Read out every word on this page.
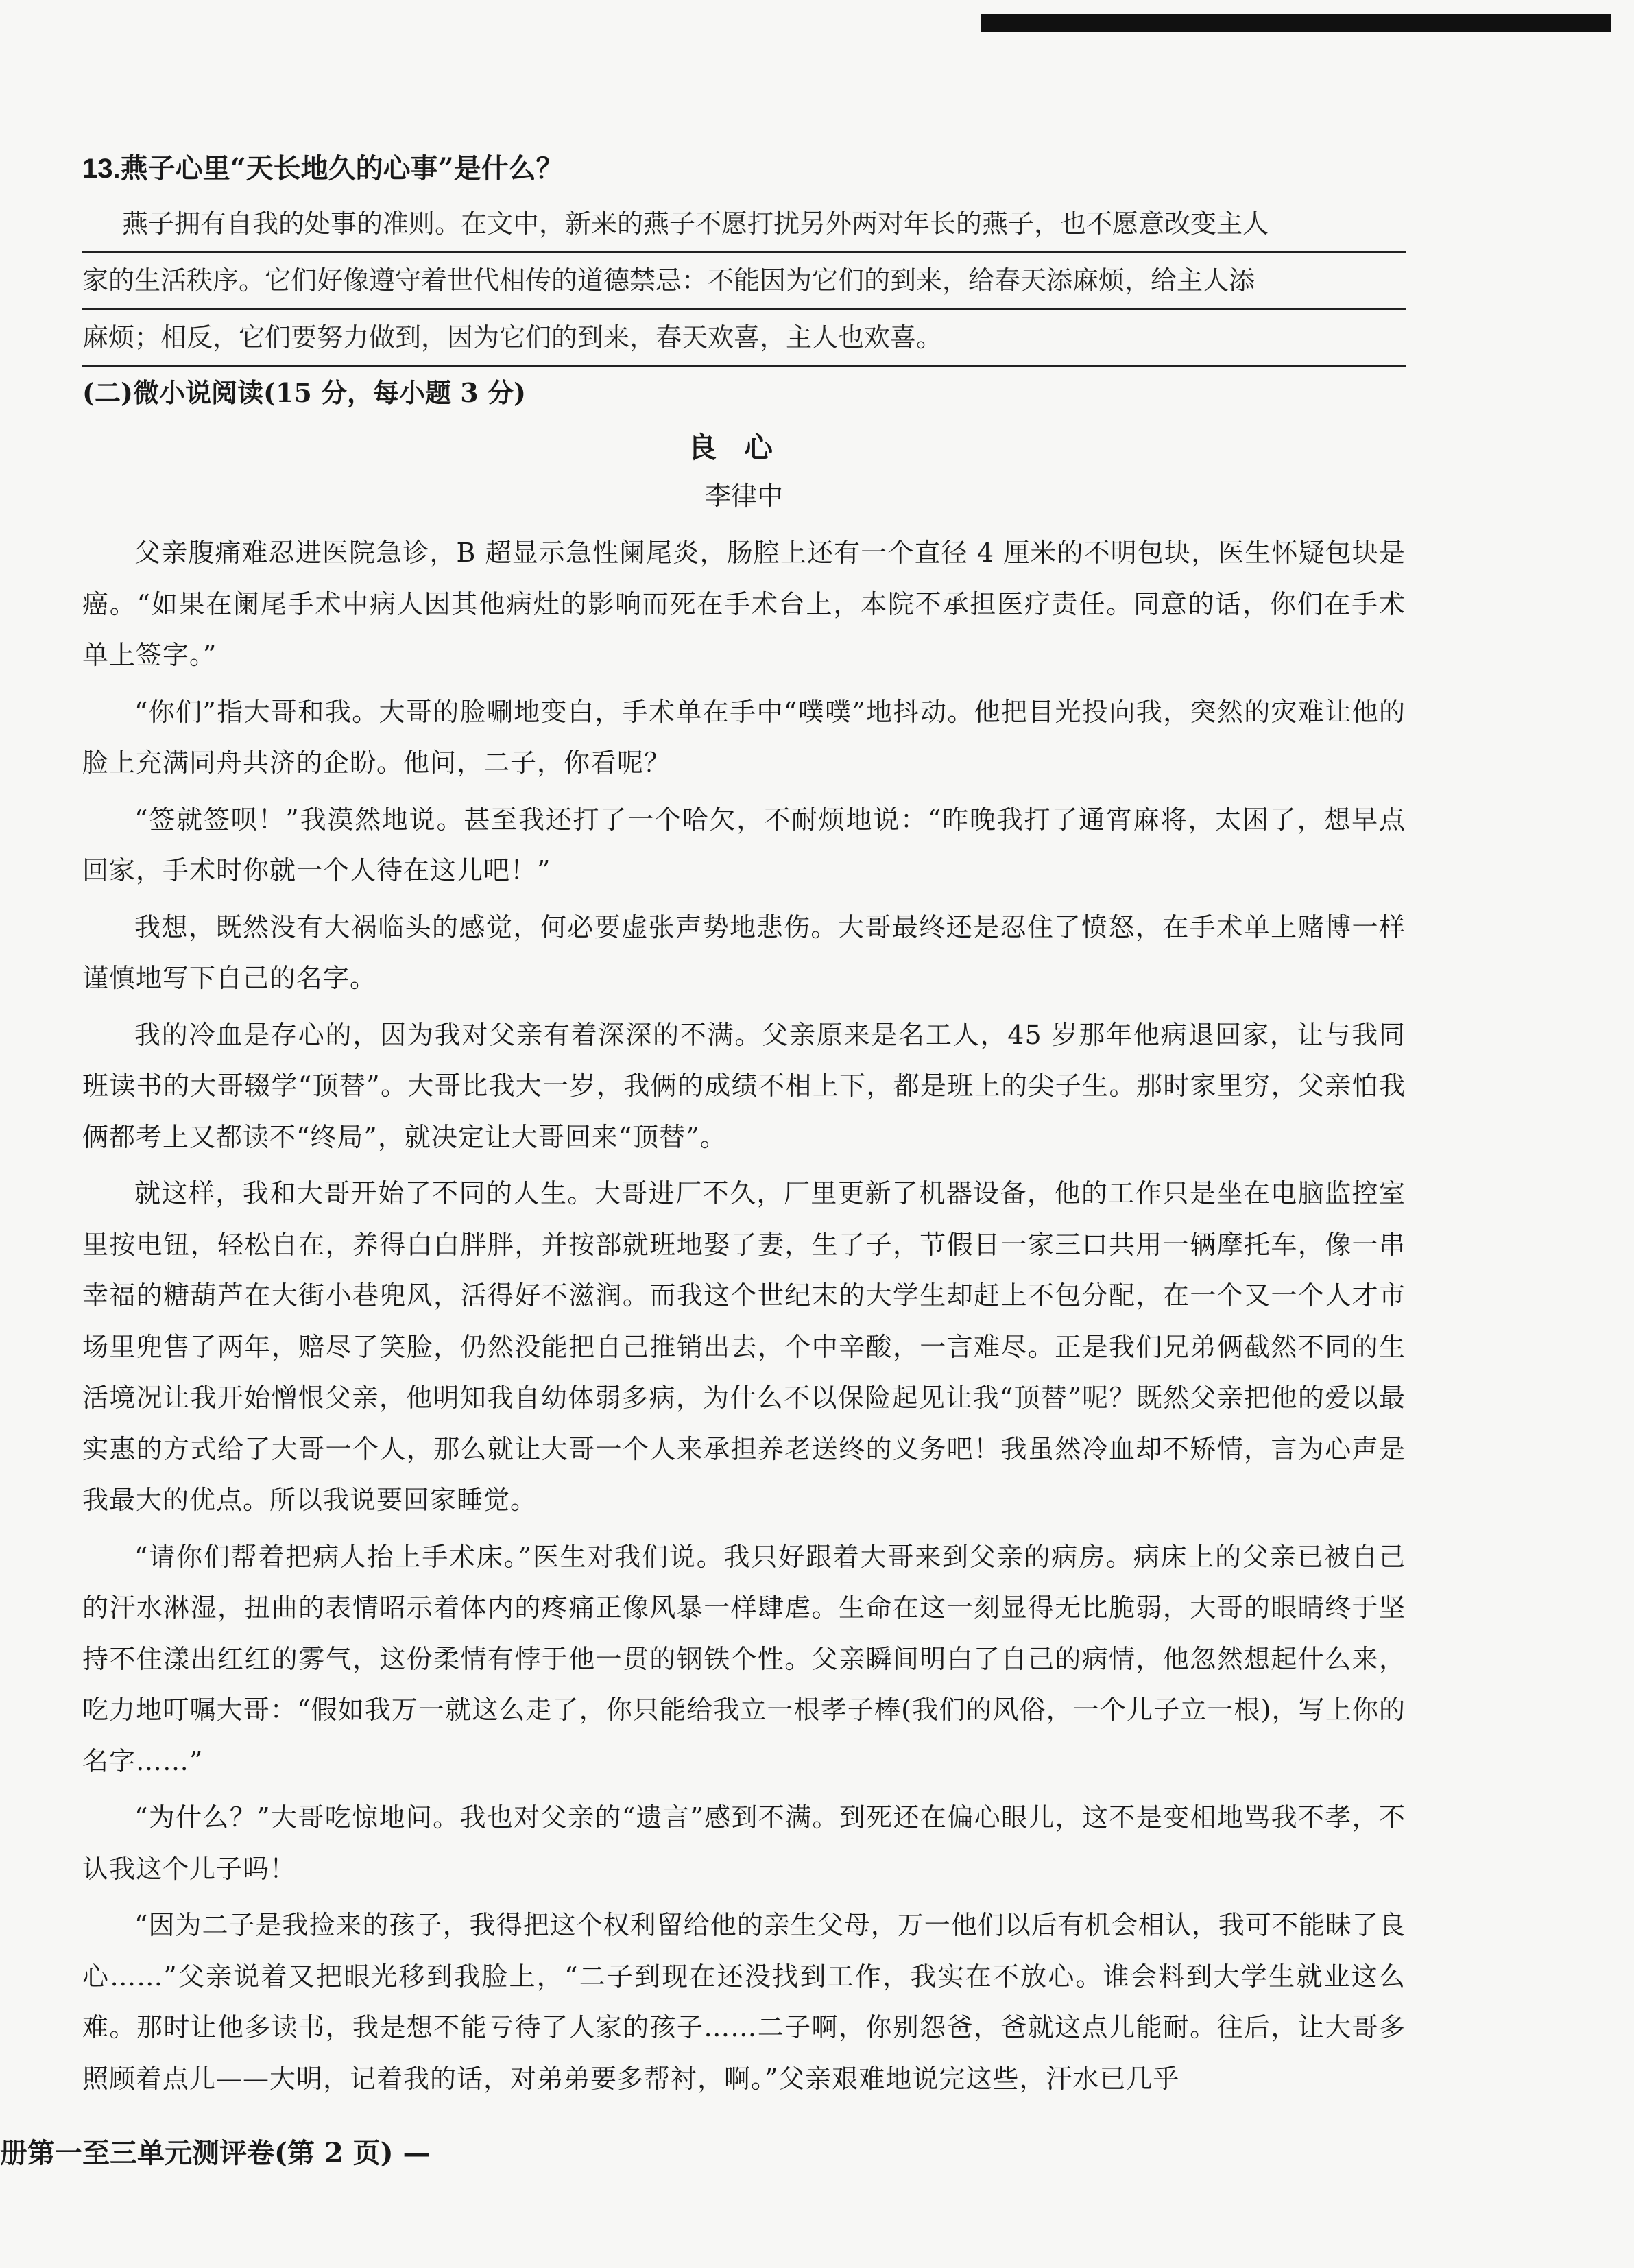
13.燕子心里“天长地久的心事”是什么？
燕子拥有自我的处事的准则。在文中，新来的燕子不愿打扰另外两对年长的燕子，也不愿意改变主人
家的生活秩序。它们好像遵守着世代相传的道德禁忌：不能因为它们的到来，给春天添麻烦，给主人添
麻烦；相反，它们要努力做到，因为它们的到来，春天欢喜，主人也欢喜。
(二)微小说阅读(15 分，每小题 3 分)
良心
李律中

父亲腹痛难忍进医院急诊，B 超显示急性阑尾炎，肠腔上还有一个直径 4 厘米的不明包块，医生怀疑包块是癌。“如果在阑尾手术中病人因其他病灶的影响而死在手术台上，本院不承担医疗责任。同意的话，你们在手术单上签字。”

“你们”指大哥和我。大哥的脸唰地变白，手术单在手中“噗噗”地抖动。他把目光投向我，突然的灾难让他的脸上充满同舟共济的企盼。他问，二子，你看呢？

“签就签呗！”我漠然地说。甚至我还打了一个哈欠，不耐烦地说：“昨晚我打了通宵麻将，太困了，想早点回家，手术时你就一个人待在这儿吧！”

我想，既然没有大祸临头的感觉，何必要虚张声势地悲伤。大哥最终还是忍住了愤怒，在手术单上赌博一样谨慎地写下自己的名字。

我的冷血是存心的，因为我对父亲有着深深的不满。父亲原来是名工人，45 岁那年他病退回家，让与我同班读书的大哥辍学“顶替”。大哥比我大一岁，我俩的成绩不相上下，都是班上的尖子生。那时家里穷，父亲怕我俩都考上又都读不“终局”，就决定让大哥回来“顶替”。

就这样，我和大哥开始了不同的人生。大哥进厂不久，厂里更新了机器设备，他的工作只是坐在电脑监控室里按电钮，轻松自在，养得白白胖胖，并按部就班地娶了妻，生了子，节假日一家三口共用一辆摩托车，像一串幸福的糖葫芦在大街小巷兜风，活得好不滋润。而我这个世纪末的大学生却赶上不包分配，在一个又一个人才市场里兜售了两年，赔尽了笑脸，仍然没能把自己推销出去，个中辛酸，一言难尽。正是我们兄弟俩截然不同的生活境况让我开始憎恨父亲，他明知我自幼体弱多病，为什么不以保险起见让我“顶替”呢？既然父亲把他的爱以最实惠的方式给了大哥一个人，那么就让大哥一个人来承担养老送终的义务吧！我虽然冷血却不矫情，言为心声是我最大的优点。所以我说要回家睡觉。

“请你们帮着把病人抬上手术床。”医生对我们说。我只好跟着大哥来到父亲的病房。病床上的父亲已被自己的汗水淋湿，扭曲的表情昭示着体内的疼痛正像风暴一样肆虐。生命在这一刻显得无比脆弱，大哥的眼睛终于坚持不住漾出红红的雾气，这份柔情有悖于他一贯的钢铁个性。父亲瞬间明白了自己的病情，他忽然想起什么来，吃力地叮嘱大哥：“假如我万一就这么走了，你只能给我立一根孝子棒(我们的风俗，一个儿子立一根)，写上你的名字……”

“为什么？”大哥吃惊地问。我也对父亲的“遗言”感到不满。到死还在偏心眼儿，这不是变相地骂我不孝，不认我这个儿子吗！

“因为二子是我捡来的孩子，我得把这个权利留给他的亲生父母，万一他们以后有机会相认，我可不能昧了良心……”父亲说着又把眼光移到我脸上，“二子到现在还没找到工作，我实在不放心。谁会料到大学生就业这么难。那时让他多读书，我是想不能亏待了人家的孩子……二子啊，你别怨爸，爸就这点儿能耐。往后，让大哥多照顾着点儿——大明，记着我的话，对弟弟要多帮衬，啊。”父亲艰难地说完这些，汗水已几乎

册第一至三单元测评卷(第 2 页) —
